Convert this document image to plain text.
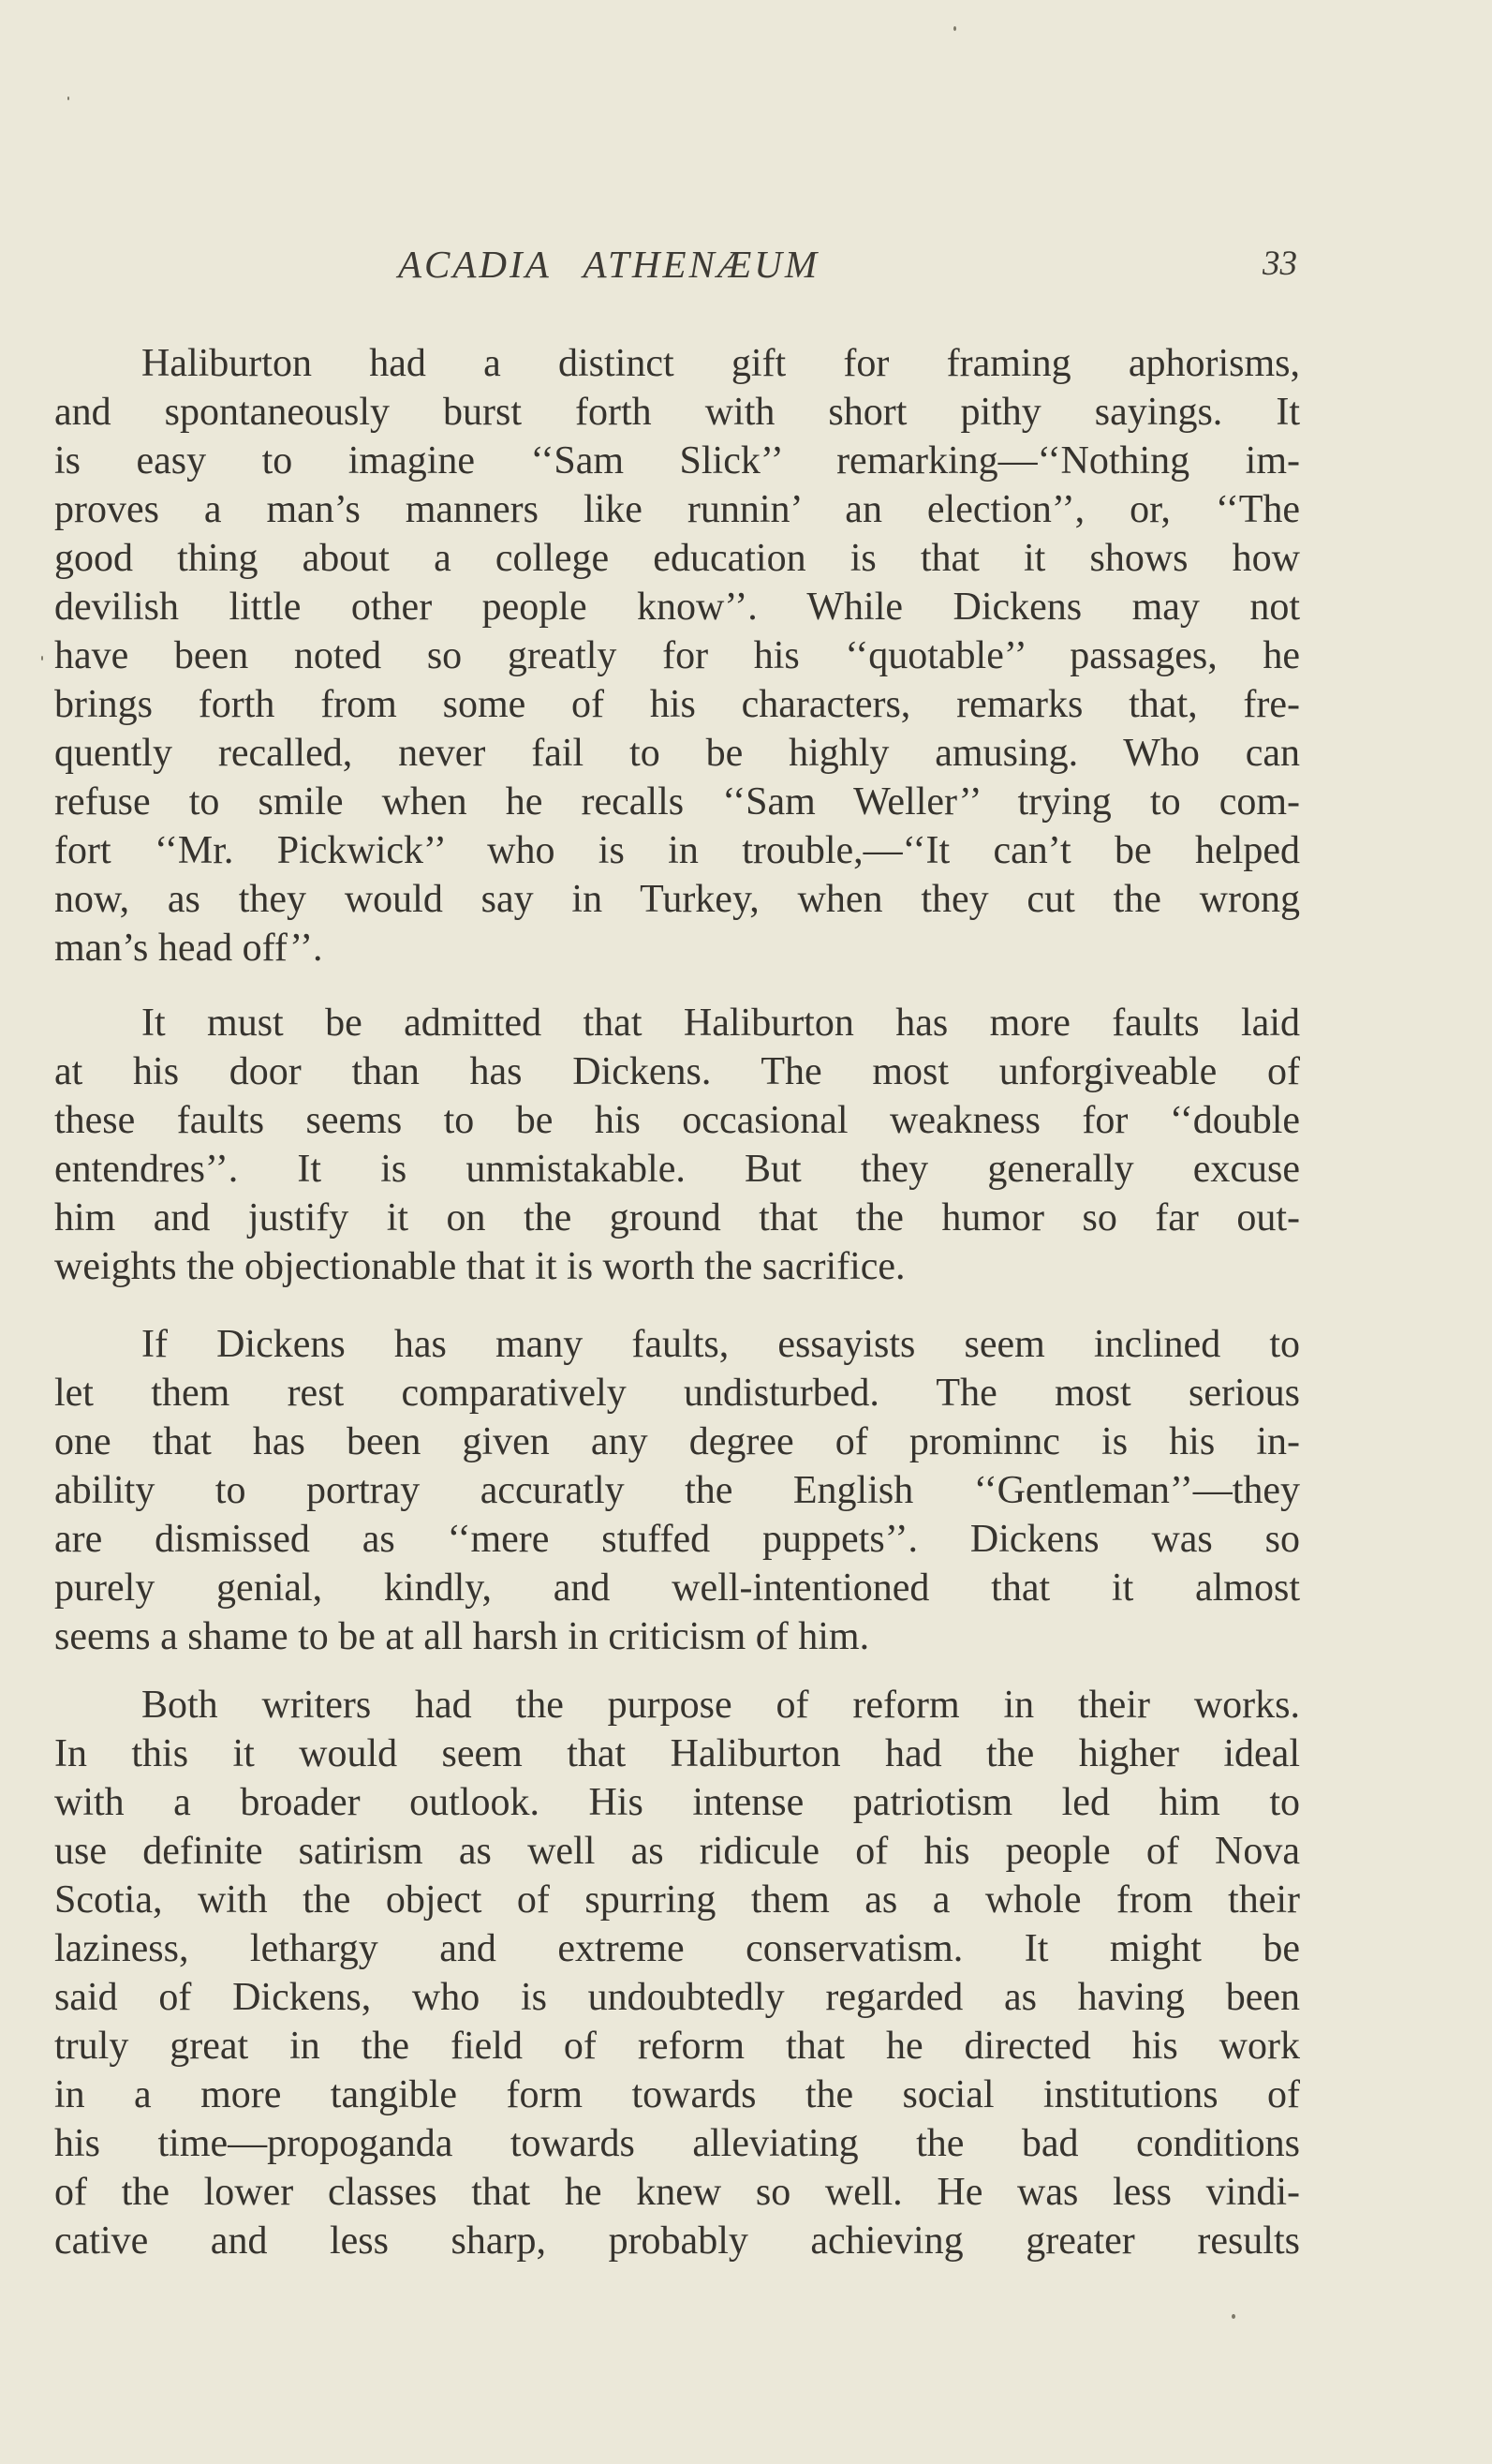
ACADIA ATHENÆUM	33
Haliburton had a distinct gift for framing aphorisms,
and spontaneously burst forth with short pithy sayings. It
is easy to imagine ‘‘Sam Slick’’ remarking—‘‘Nothing im-
proves a man’s manners like runnin’ an election’’, or, ‘‘The
good thing about a college education is that it shows how
devilish little other people know’’. While Dickens may not
have been noted so greatly for his ‘‘quotable’’ passages, he
brings forth from some of his characters, remarks that, fre-
quently recalled, never fail to be highly amusing. Who can
refuse to smile when he recalls ‘‘Sam Weller’’ trying to com-
fort ‘‘Mr. Pickwick’’ who is in trouble,—‘‘It can’t be helped
now, as they would say in Turkey, when they cut the wrong
man’s head off’’.
It must be admitted that Haliburton has more faults laid
at his door than has Dickens. The most unforgiveable of
these faults seems to be his occasional weakness for ‘‘double
entendres’’. It is unmistakable. But they generally excuse
him and justify it on the ground that the humor so far out-
weights the objectionable that it is worth the sacrifice.
If Dickens has many faults, essayists seem inclined to
let them rest comparatively undisturbed. The most serious
one that has been given any degree of prominnc is his in-
ability to portray accuratly the English ‘‘Gentleman’’—they
are dismissed as ‘‘mere stuffed puppets’’. Dickens was so
purely genial, kindly, and well-intentioned that it almost
seems a shame to be at all harsh in criticism of him.
Both writers had the purpose of reform in their works.
In this it would seem that Haliburton had the higher ideal
with a broader outlook. His intense patriotism led him to
use definite satirism as well as ridicule of his people of Nova
Scotia, with the object of spurring them as a whole from their
laziness, lethargy and extreme conservatism. It might be
said of Dickens, who is undoubtedly regarded as having been
truly great in the field of reform that he directed his work
in a more tangible form towards the social institutions of
his time—propoganda towards alleviating the bad conditions
of the lower classes that he knew so well. He was less vindi-
cative and less sharp, probably achieving greater results
